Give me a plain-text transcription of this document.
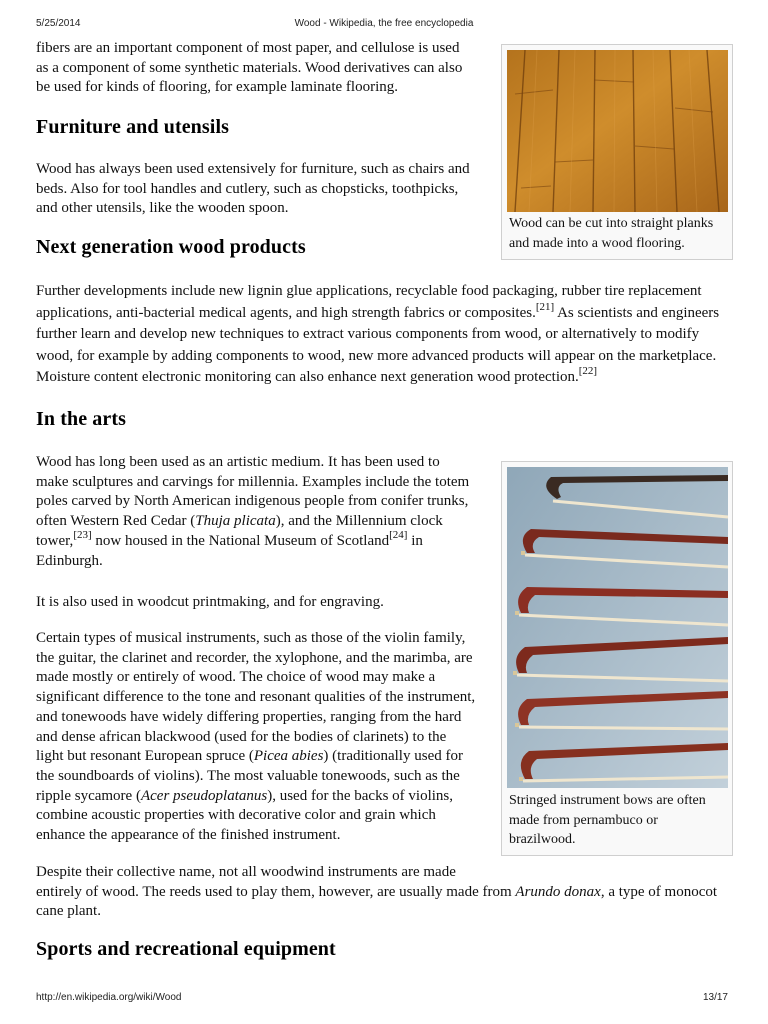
5/25/2014	Wood - Wikipedia, the free encyclopedia
http://en.wikipedia.org/wiki/Wood	13/17

fibers are an important component of most paper, and cellulose is used
as a component of some synthetic materials. Wood derivatives can also
be used for kinds of flooring, for example laminate flooring.

Wood can be cut into straight planks
and made into a wood flooring.
Furniture and utensils

Wood has always been used extensively for furniture, such as chairs and
beds. Also for tool handles and cutlery, such as chopsticks, toothpicks,
and other utensils, like the wooden spoon.

Next generation wood products

Further developments include new lignin glue applications, recyclable food packaging, rubber tire replacement
applications, anti-bacterial medical agents, and high strength fabrics or composites.[21] As scientists and engineers
further learn and develop new techniques to extract various components from wood, or alternatively to modify
wood, for example by adding components to wood, new more advanced products will appear on the marketplace.
Moisture content electronic monitoring can also enhance next generation wood protection.[22]

In the arts

Wood has long been used as an artistic medium. It has been used to
make sculptures and carvings for millennia. Examples include the totem
poles carved by North American indigenous people from conifer trunks,
often Western Red Cedar (Thuja plicata), and the Millennium clock
tower,[23] now housed in the National Museum of Scotland[24] in
Edinburgh.

It is also used in woodcut printmaking, and for engraving.

Certain types of musical instruments, such as those of the violin family,
the guitar, the clarinet and recorder, the xylophone, and the marimba, are
made mostly or entirely of wood. The choice of wood may make a
significant difference to the tone and resonant qualities of the instrument,
and tonewoods have widely differing properties, ranging from the hard
and dense african blackwood (used for the bodies of clarinets) to the
light but resonant European spruce (Picea abies) (traditionally used for
the soundboards of violins). The most valuable tonewoods, such as the
ripple sycamore (Acer pseudoplatanus), used for the backs of violins,
combine acoustic properties with decorative color and grain which
enhance the appearance of the finished instrument.

Stringed instrument bows are often
made from pernambuco or
brazilwood.

Despite their collective name, not all woodwind instruments are made
entirely of wood. The reeds used to play them, however, are usually made from Arundo donax, a type of monocot
cane plant.

Sports and recreational equipment
